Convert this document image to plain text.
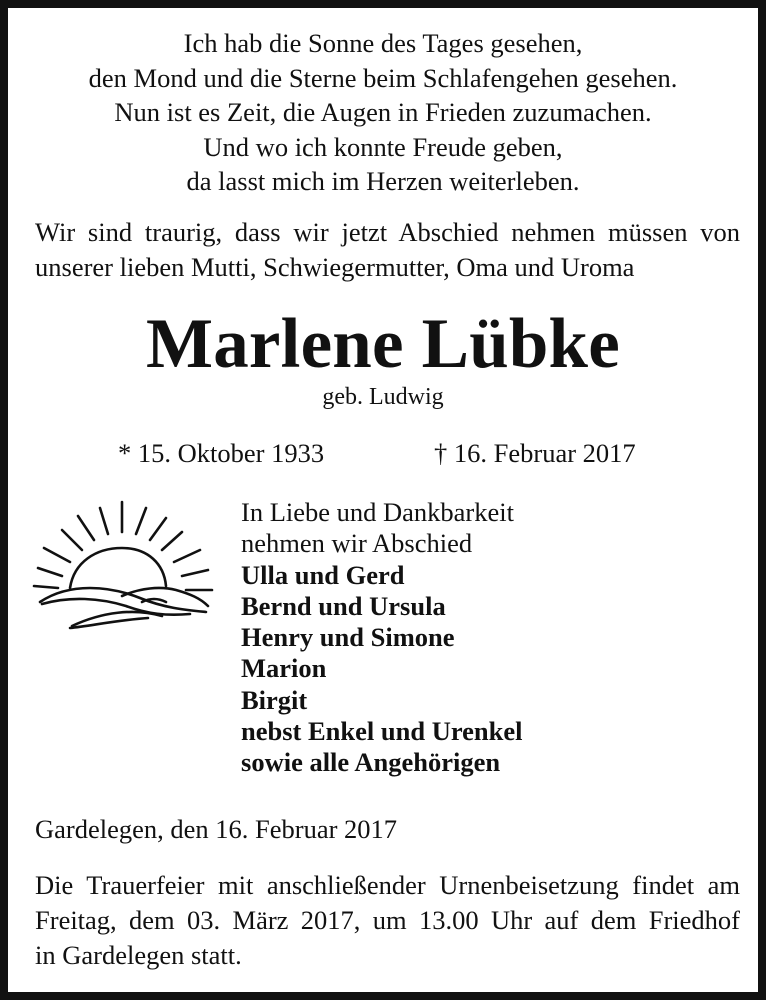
Ich hab die Sonne des Tages gesehen,
den Mond und die Sterne beim Schlafengehen gesehen.
Nun ist es Zeit, die Augen in Frieden zuzumachen.
Und wo ich konnte Freude geben,
da lasst mich im Herzen weiterleben.
Wir sind traurig, dass wir jetzt Abschied nehmen müssen von
unserer lieben Mutti, Schwiegermutter, Oma und Uroma
Marlene Lübke
geb. Ludwig
* 15. Oktober 1933	† 16. Februar 2017
In Liebe und Dankbarkeit
nehmen wir Abschied
Ulla und Gerd
Bernd und Ursula
Henry und Simone
Marion
Birgit
nebst Enkel und Urenkel
sowie alle Angehörigen
Gardelegen, den 16. Februar 2017
Die Trauerfeier mit anschließender Urnenbeisetzung findet am
Freitag, dem 03. März 2017, um 13.00 Uhr auf dem Friedhof
in Gardelegen statt.
